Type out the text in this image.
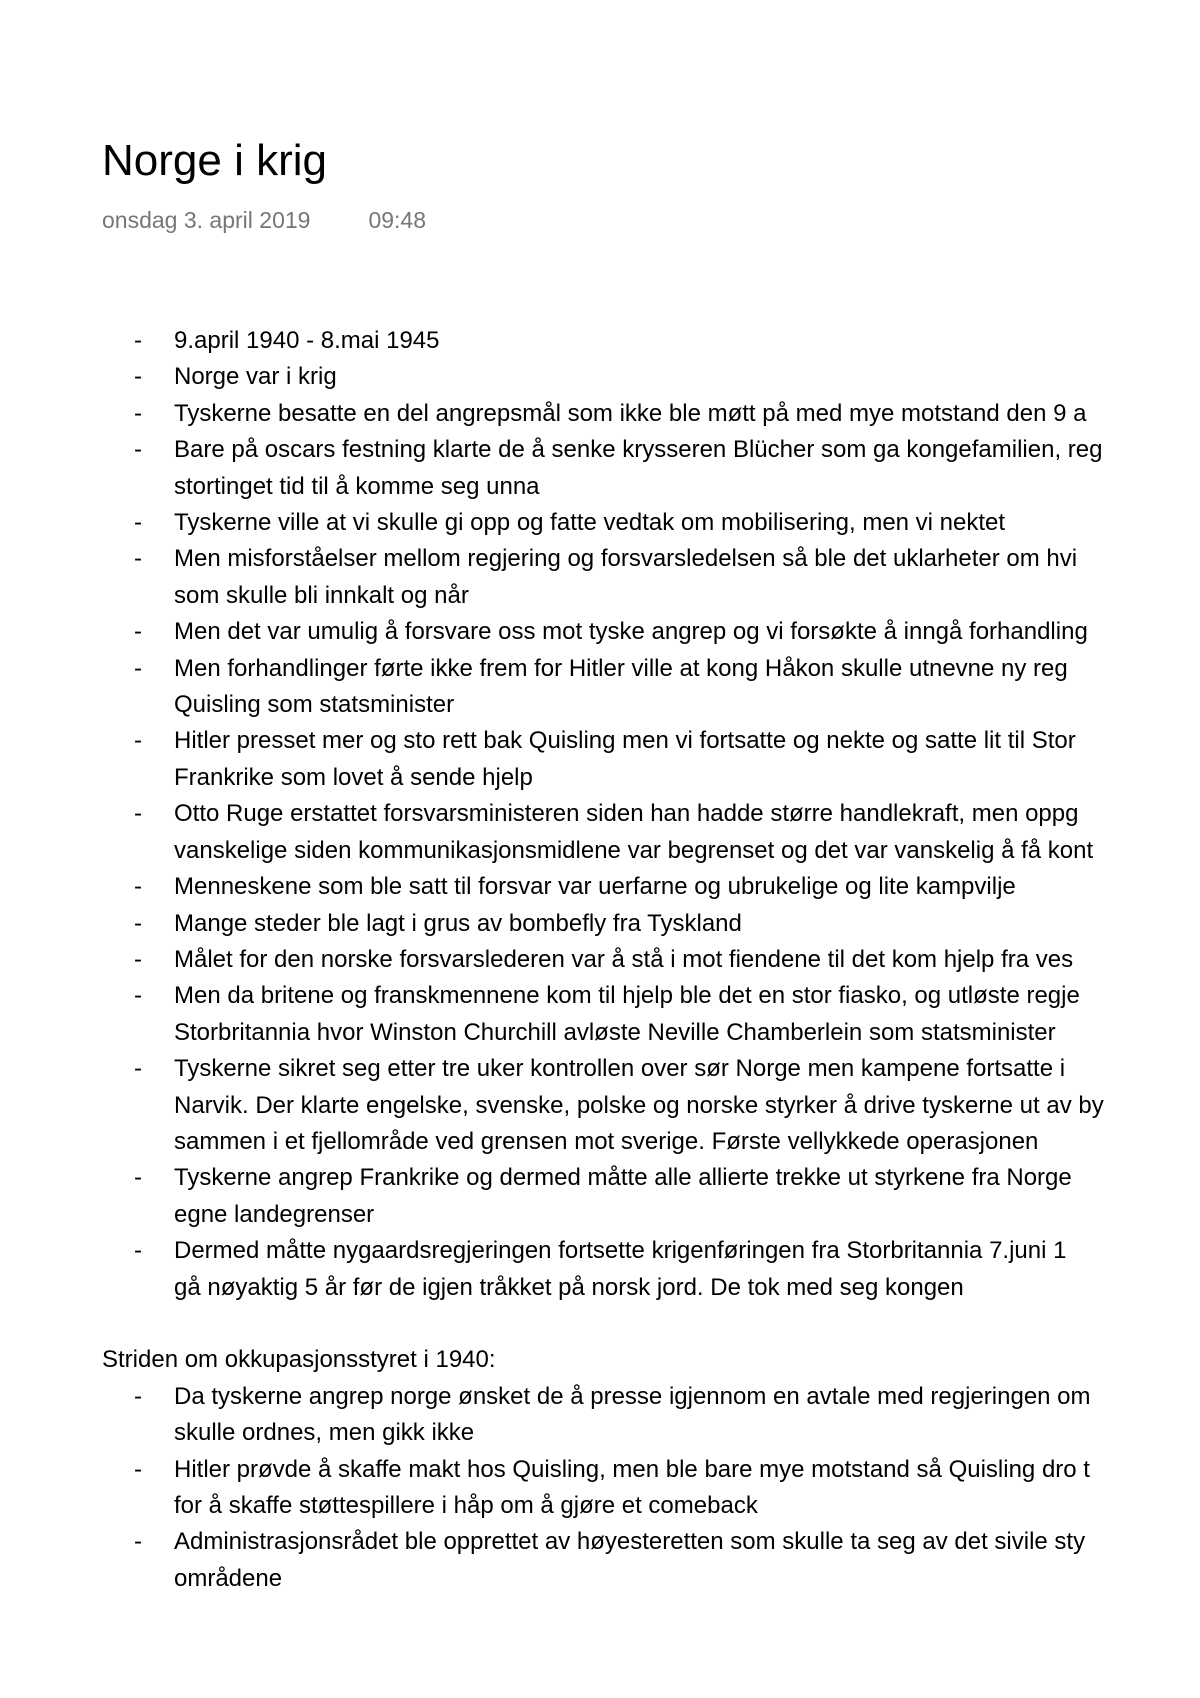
Norge i krig
onsdag 3. april 2019	09:48
- 9.april 1940 - 8.mai 1945
- Norge var i krig
- Tyskerne besatte en del angrepsmål som ikke ble møtt på med mye motstand den 9 a
- Bare på oscars festning klarte de å senke krysseren Blücher som ga kongefamilien, reg
stortinget tid til å komme seg unna
- Tyskerne ville at vi skulle gi opp og fatte vedtak om mobilisering, men vi nektet
- Men misforståelser mellom regjering og forsvarsledelsen så ble det uklarheter om hvi
som skulle bli innkalt og når
- Men det var umulig å forsvare oss mot tyske angrep og vi forsøkte å inngå forhandling
- Men forhandlinger førte ikke frem for Hitler ville at kong Håkon skulle utnevne ny reg
Quisling som statsminister
- Hitler presset mer og sto rett bak Quisling men vi fortsatte og nekte og satte lit til Stor
Frankrike som lovet å sende hjelp
- Otto Ruge erstattet forsvarsministeren siden han hadde større handlekraft, men oppg
vanskelige siden kommunikasjonsmidlene var begrenset og det var vanskelig å få kont
- Menneskene som ble satt til forsvar var uerfarne og ubrukelige og lite kampvilje
- Mange steder ble lagt i grus av bombefly fra Tyskland
- Målet for den norske forsvarslederen var å stå i mot fiendene til det kom hjelp fra ves
- Men da britene og franskmennene kom til hjelp ble det en stor fiasko, og utløste regje
Storbritannia hvor Winston Churchill avløste Neville Chamberlein som statsminister
- Tyskerne sikret seg etter tre uker kontrollen over sør Norge men kampene fortsatte i
Narvik. Der klarte engelske, svenske, polske og norske styrker å drive tyskerne ut av by
sammen i et fjellområde ved grensen mot sverige. Første vellykkede operasjonen
- Tyskerne angrep Frankrike og dermed måtte alle allierte trekke ut styrkene fra Norge
egne landegrenser
- Dermed måtte nygaardsregjeringen fortsette krigenføringen fra Storbritannia 7.juni 1
gå nøyaktig 5 år før de igjen tråkket på norsk jord. De tok med seg kongen
Striden om okkupasjonsstyret i 1940:
- Da tyskerne angrep norge ønsket de å presse igjennom en avtale med regjeringen om
skulle ordnes, men gikk ikke
- Hitler prøvde å skaffe makt hos Quisling, men ble bare mye motstand så Quisling dro t
for å skaffe støttespillere i håp om å gjøre et comeback
- Administrasjonsrådet ble opprettet av høyesteretten som skulle ta seg av det sivile sty
områdene
